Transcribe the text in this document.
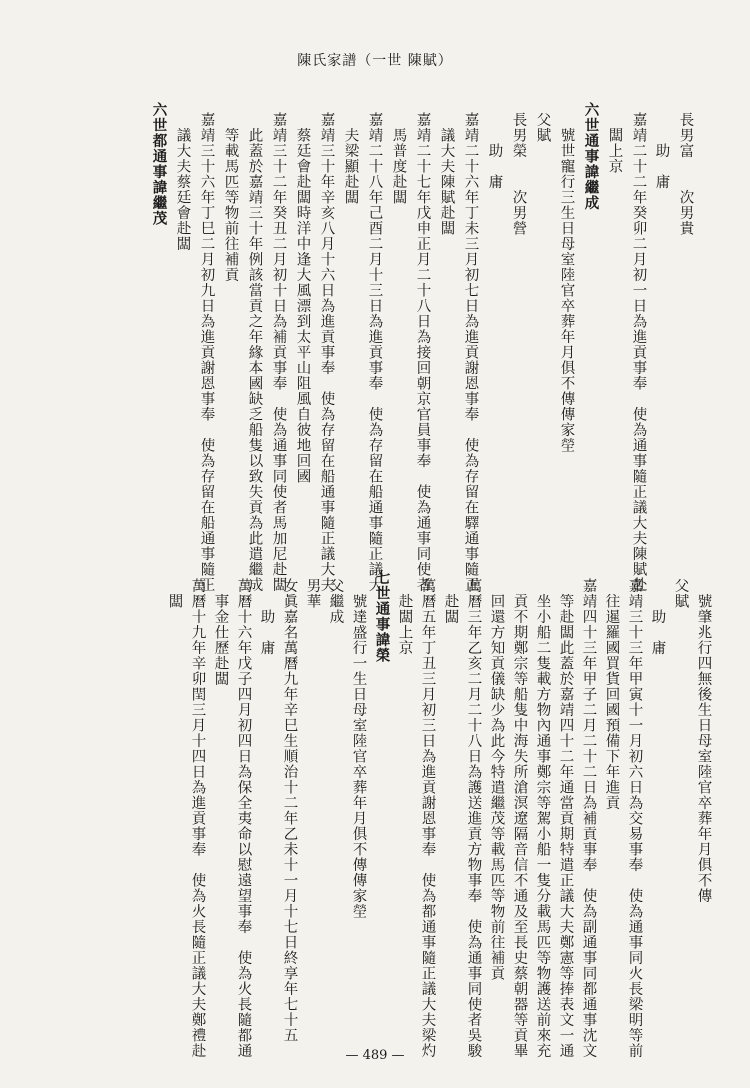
陳氏家譜（一世 陳賦）
長男富　　次男貴
　　助　庸
嘉靖二十二年癸卯二月初一日為進貢事奉　使為通事隨正議大夫陳賦赴
　闆上京
六世通事諱繼成
　號世寵行三生日母室陸官卒葬年月俱不傳傳家塋
父賦
長男榮　　次男營
　　助　庸
嘉靖二十六年丁未三月初七日為進貢謝恩事奉　使為存留在驛通事隨正
　議大夫陳賦赴闆
嘉靖二十七年戊申正月二十八日為接回朝京官員事奉　使為通事同使者
　馬普度赴闆
嘉靖二十八年己酉二月十三日為進貢事奉　使為存留在船通事隨正議大
　夫梁顯赴闆
嘉靖三十年辛亥八月十六日為進貢事奉　使為存留在船通事隨正議大夫
　蔡廷會赴闆時洋中逢大風漂到太平山阻風自彼地回國
嘉靖三十二年癸丑二月初十日為補貢事奉　使為通事同使者馬加尼赴闆
　此蓋於嘉靖三十年例該當貢之年緣本國缺乏船隻以致失貢為此遣繼成
　等載馬匹等物前往補貢
嘉靖三十六年丁巳二月初九日為進貢謝恩事奉　使為存留在船通事隨正
　議大夫蔡廷會赴闆
六世都通事諱繼茂
　號肇兆行四無後生日母室陸官卒葬年月俱不傳
父賦
　　助　庸
嘉靖三十三年甲寅十一月初六日為交易事奉　使為通事同火長梁明等前
　往暹羅國買貨回國預備下年進貢
嘉靖四十三年甲子二月二十二日為補貢事奉　使為副通事同都通事沈文
　等赴闆此蓋於嘉靖四十二年通當貢期特遣正議大夫鄭憲等捧表文一通
　坐小船二隻載方物內通事鄭宗等駕小船一隻分載馬匹等物護送前來充
　貢不期鄭宗等船隻中海失所滄溟遼隔音信不通及至長史蔡朝器等貢畢
　回還方知貢儀缺少為此今特遣繼茂等載馬匹等物前往補貢
萬曆三年乙亥二月二十八日為護送進貢方物事奉　使為通事同使者吳駿
　赴闆
萬曆五年丁丑三月初三日為進貢謝恩事奉　使為都通事隨正議大夫梁灼
　赴闆上京
七世通事諱榮
　號達盛行一生日母室陸官卒葬年月俱不傳傳家塋
父繼成
男華
女眞嘉名萬曆九年辛巳生順治十二年乙未十一月十七日終享年七十五
　　助　庸
萬曆十六年戊子四月初四日為保全夷命以慰遠望事奉　使為火長隨都通
　事金仕歷赴闆
萬曆十九年辛卯閏三月十四日為進貢事奉　使為火長隨正議大夫鄭禮赴
　闆
— 489 —
